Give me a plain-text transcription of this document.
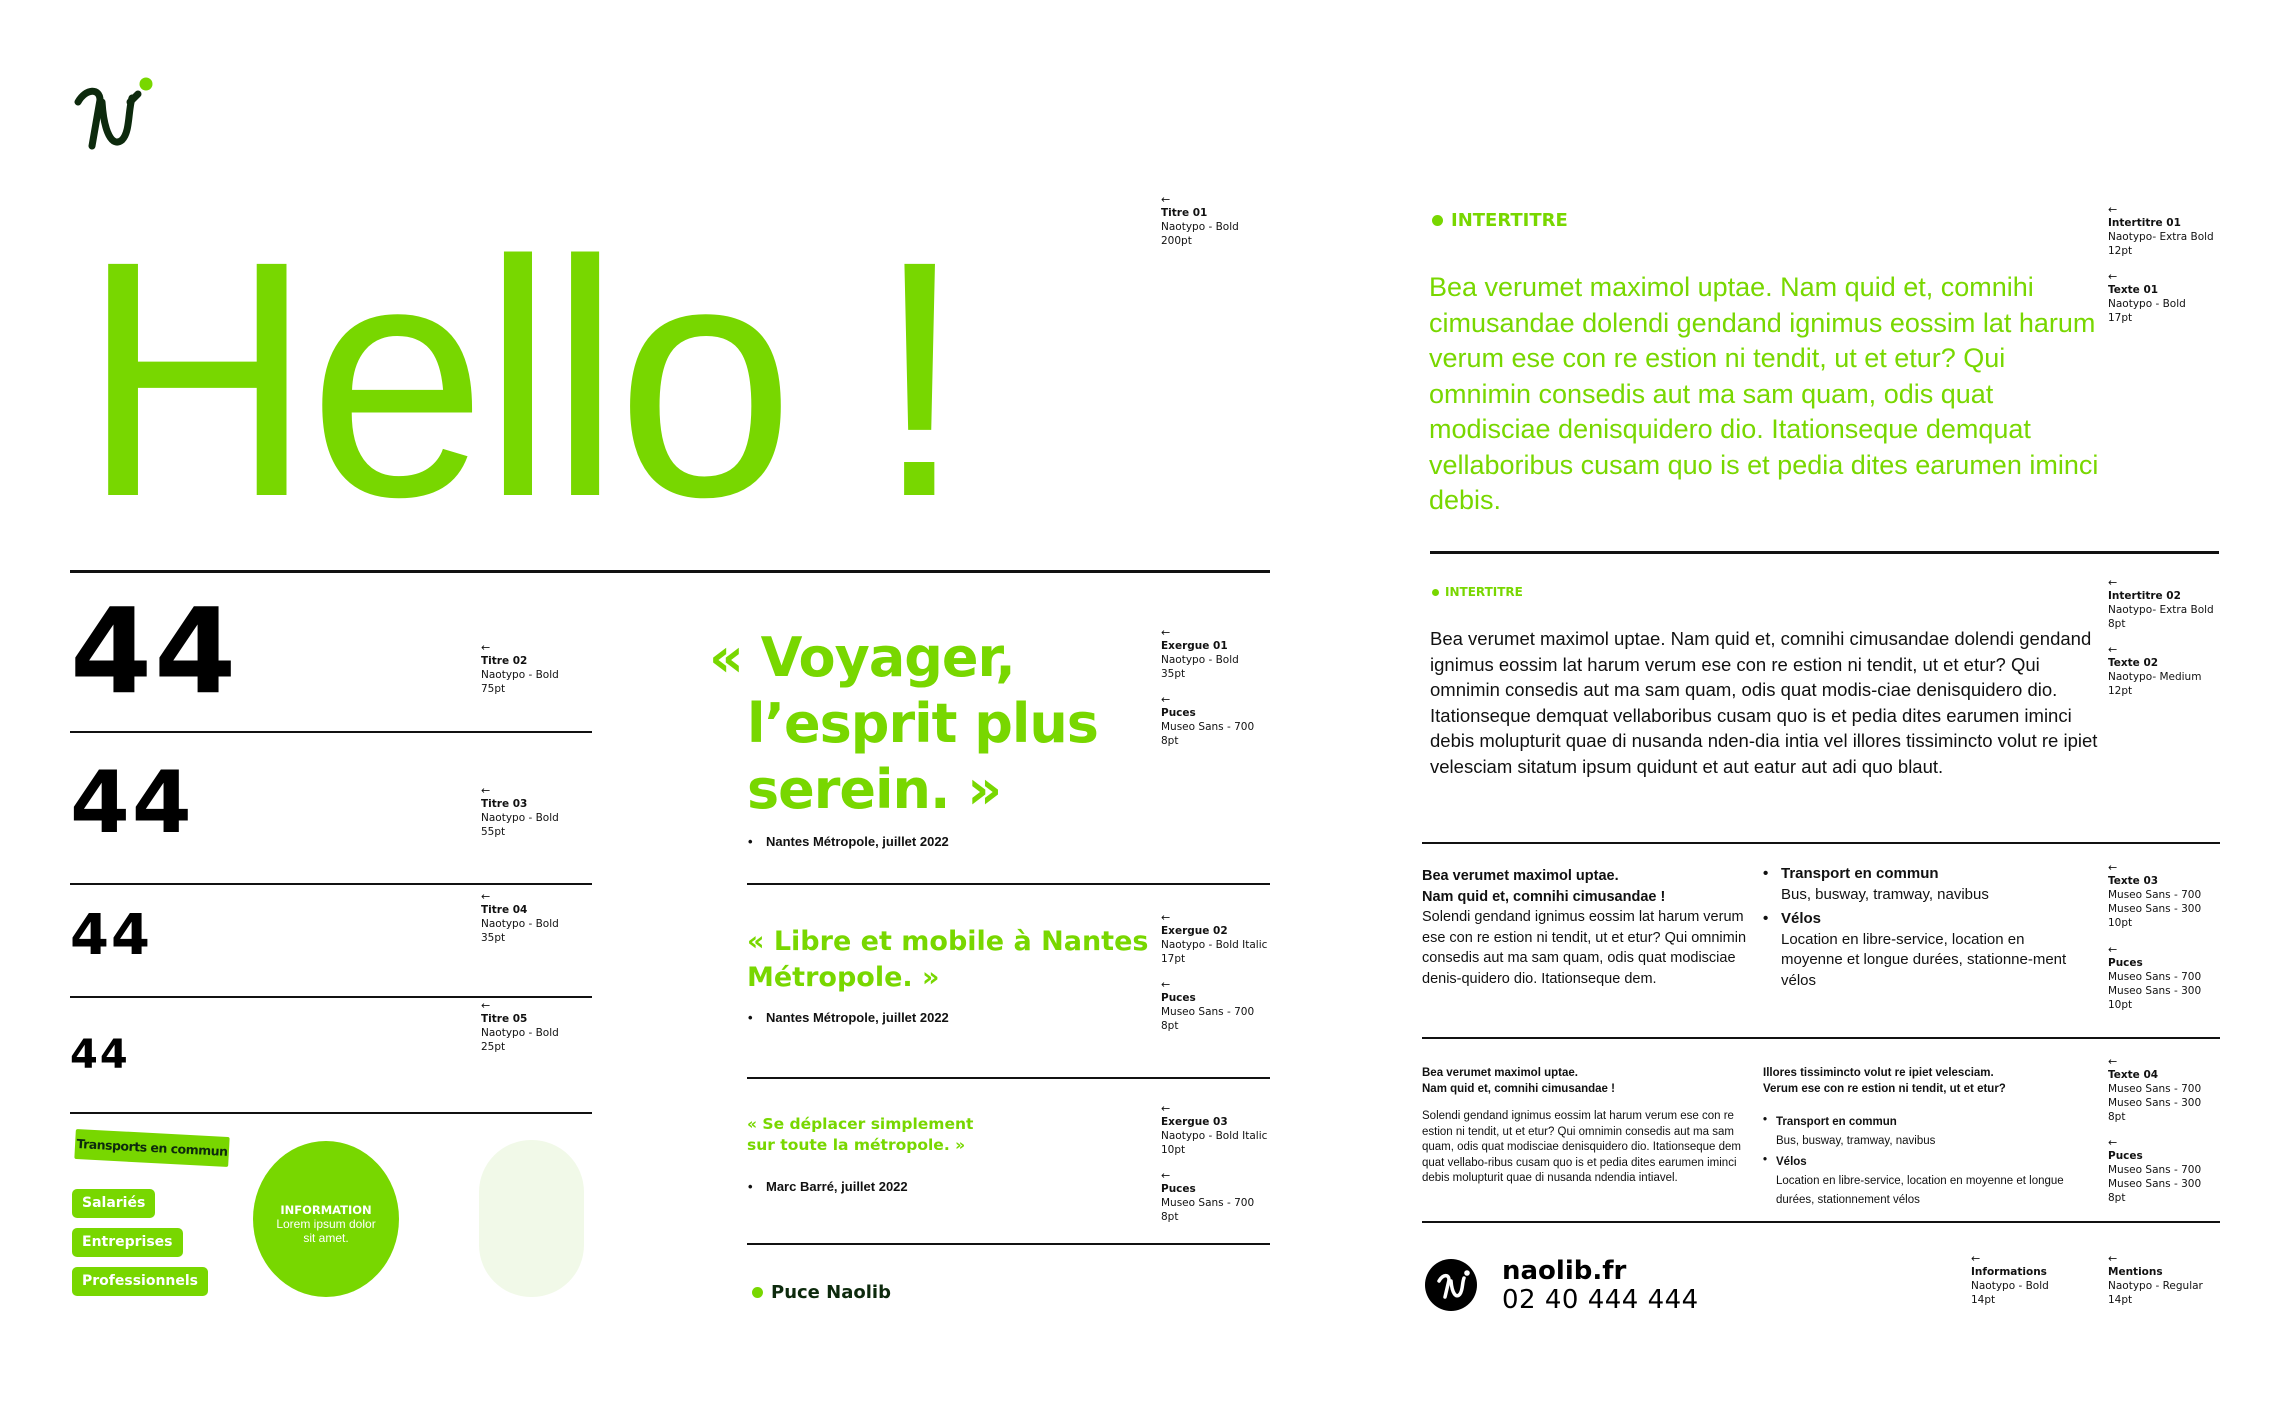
Hello !	←
Titre 01
Naotypo - Bold
200pt
44	←
Titre 02
Naotypo - Bold
75pt
44	←
Titre 03
Naotypo - Bold
55pt
44
←
Titre 04
Naotypo - Bold
35pt
44
←
Titre 05
Naotypo - Bold
25pt
Transports en commun
Salariés
Entreprises
Professionnels
INFORMATION
Lorem ipsum dolor
sit amet.
« Voyager,
l’esprit plus
serein. »
•	Nantes Métropole, juillet 2022
←
Exergue 01
Naotypo - Bold
35pt
←
Puces
Museo Sans - 700
8pt
« Libre et mobile à Nantes
Métropole. »
•	Nantes Métropole, juillet 2022
←
Exergue 02
Naotypo - Bold Italic
17pt
←
Puces
Museo Sans - 700
8pt
« Se déplacer simplement
sur toute la métropole. »
•	Marc Barré, juillet 2022
←
Exergue 03
Naotypo - Bold Italic
10pt
←
Puces
Museo Sans - 700
8pt
Puce Naolib
INTERTITRE
Bea verumet maximol uptae. Nam quid et, comnihi cimusandae dolendi gendand ignimus eossim lat harum verum ese con re estion ni tendit, ut et etur? Qui omnimin consedis aut ma sam quam, odis quat modisciae denisquidero dio. Itationseque demquat vellaboribus cusam quo is et pedia dites earumen iminci debis.
←
Intertitre 01
Naotypo- Extra Bold
12pt
←
Texte 01
Naotypo - Bold
17pt
INTERTITRE
Bea verumet maximol uptae. Nam quid et, comnihi cimusandae dolendi gendand ignimus eossim lat harum verum ese con re estion ni tendit, ut et etur? Qui omnimin consedis aut ma sam quam, odis quat modis-ciae denisquidero dio. Itationseque demquat vellaboribus cusam quo is et pedia dites earumen iminci debis molupturit quae di nusanda nden-dia intia vel illores tissimincto volut re ipiet velesciam sitatum ipsum quidunt et aut eatur aut adi quo blaut.
←
Intertitre 02
Naotypo- Extra Bold
8pt
←
Texte 02
Naotypo- Medium
12pt
Bea verumet maximol uptae.
Nam quid et, comnihi cimusandae !
Solendi gendand ignimus eossim lat harum verum ese con re estion ni tendit, ut et etur? Qui omnimin consedis aut ma sam quam, odis quat modisciae denis-quidero dio. Itationseque dem.
• Transport en commun
Bus, busway, tramway, navibus
• Vélos
Location en libre-service, location en moyenne et longue durées, stationne-ment vélos
←
Texte 03
Museo Sans - 700
Museo Sans - 300
10pt
←
Puces
Museo Sans - 700
Museo Sans - 300
10pt
Bea verumet maximol uptae.
Nam quid et, comnihi cimusandae !
Solendi gendand ignimus eossim lat harum verum ese con re estion ni tendit, ut et etur? Qui omnimin consedis aut ma sam quam, odis quat modisciae denisquidero dio. Itationseque dem quat vellabo-ribus cusam quo is et pedia dites earumen iminci debis molupturit quae di nusanda ndendia intiavel.
Illores tissimincto volut re ipiet velesciam.
Verum ese con re estion ni tendit, ut et etur?
• Transport en commun
Bus, busway, tramway, navibus
• Vélos
Location en libre-service, location en moyenne et longue durées, stationnement vélos
←
Texte 04
Museo Sans - 700
Museo Sans - 300
8pt
←
Puces
Museo Sans - 700
Museo Sans - 300
8pt
naolib.fr
02 40 444 444
←
Informations
Naotypo - Bold
14pt
←
Mentions
Naotypo - Regular
14pt
